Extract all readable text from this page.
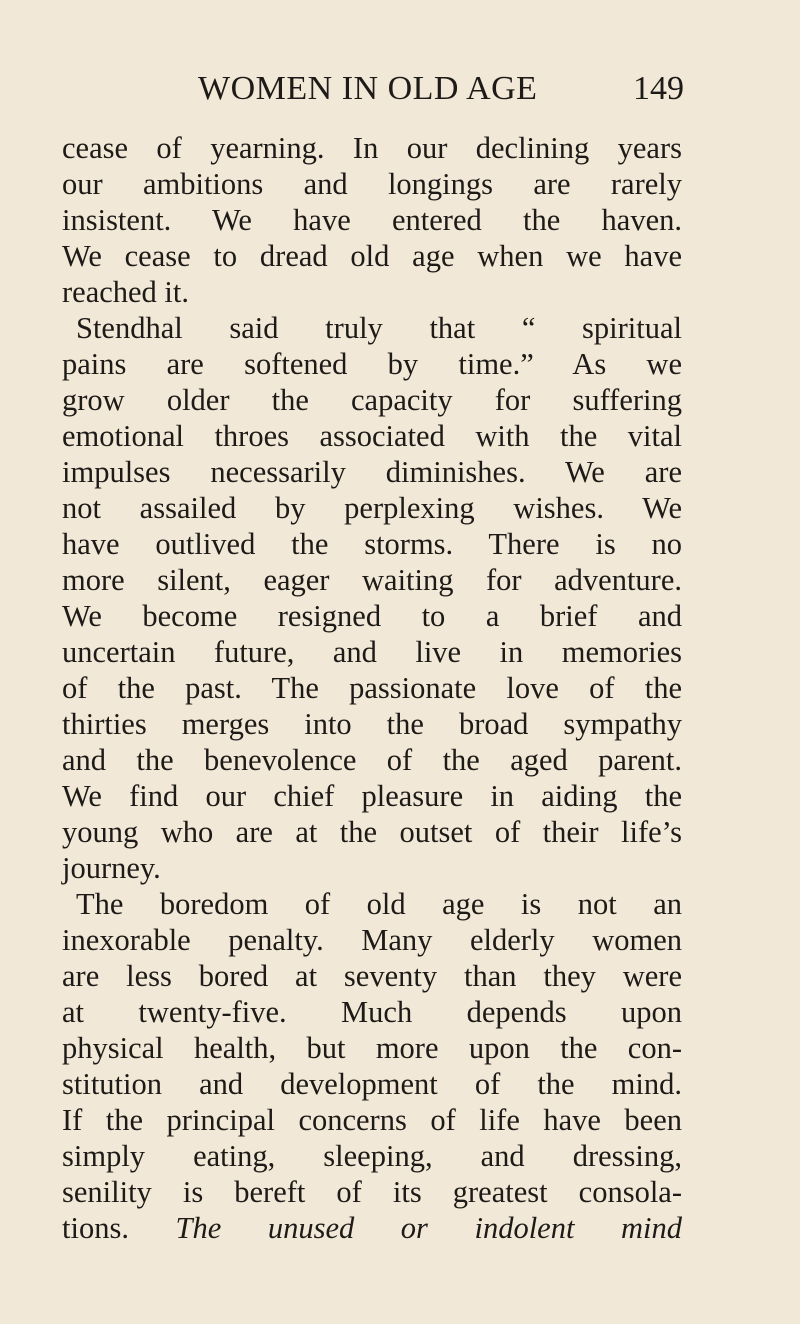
WOMEN IN OLD AGE	149
cease of yearning. In our declining years
our ambitions and longings are rarely
insistent. We have entered the haven.
We cease to dread old age when we have
reached it.
Stendhal said truly that “ spiritual
pains are softened by time.” As we
grow older the capacity for suffering
emotional throes associated with the vital
impulses necessarily diminishes. We are
not assailed by perplexing wishes. We
have outlived the storms. There is no
more silent, eager waiting for adventure.
We become resigned to a brief and
uncertain future, and live in memories
of the past. The passionate love of the
thirties merges into the broad sympathy
and the benevolence of the aged parent.
We find our chief pleasure in aiding the
young who are at the outset of their life’s
journey.
The boredom of old age is not an
inexorable penalty. Many elderly women
are less bored at seventy than they were
at twenty-five. Much depends upon
physical health, but more upon the con-
stitution and development of the mind.
If the principal concerns of life have been
simply eating, sleeping, and dressing,
senility is bereft of its greatest consola-
tions. The unused or indolent mind
